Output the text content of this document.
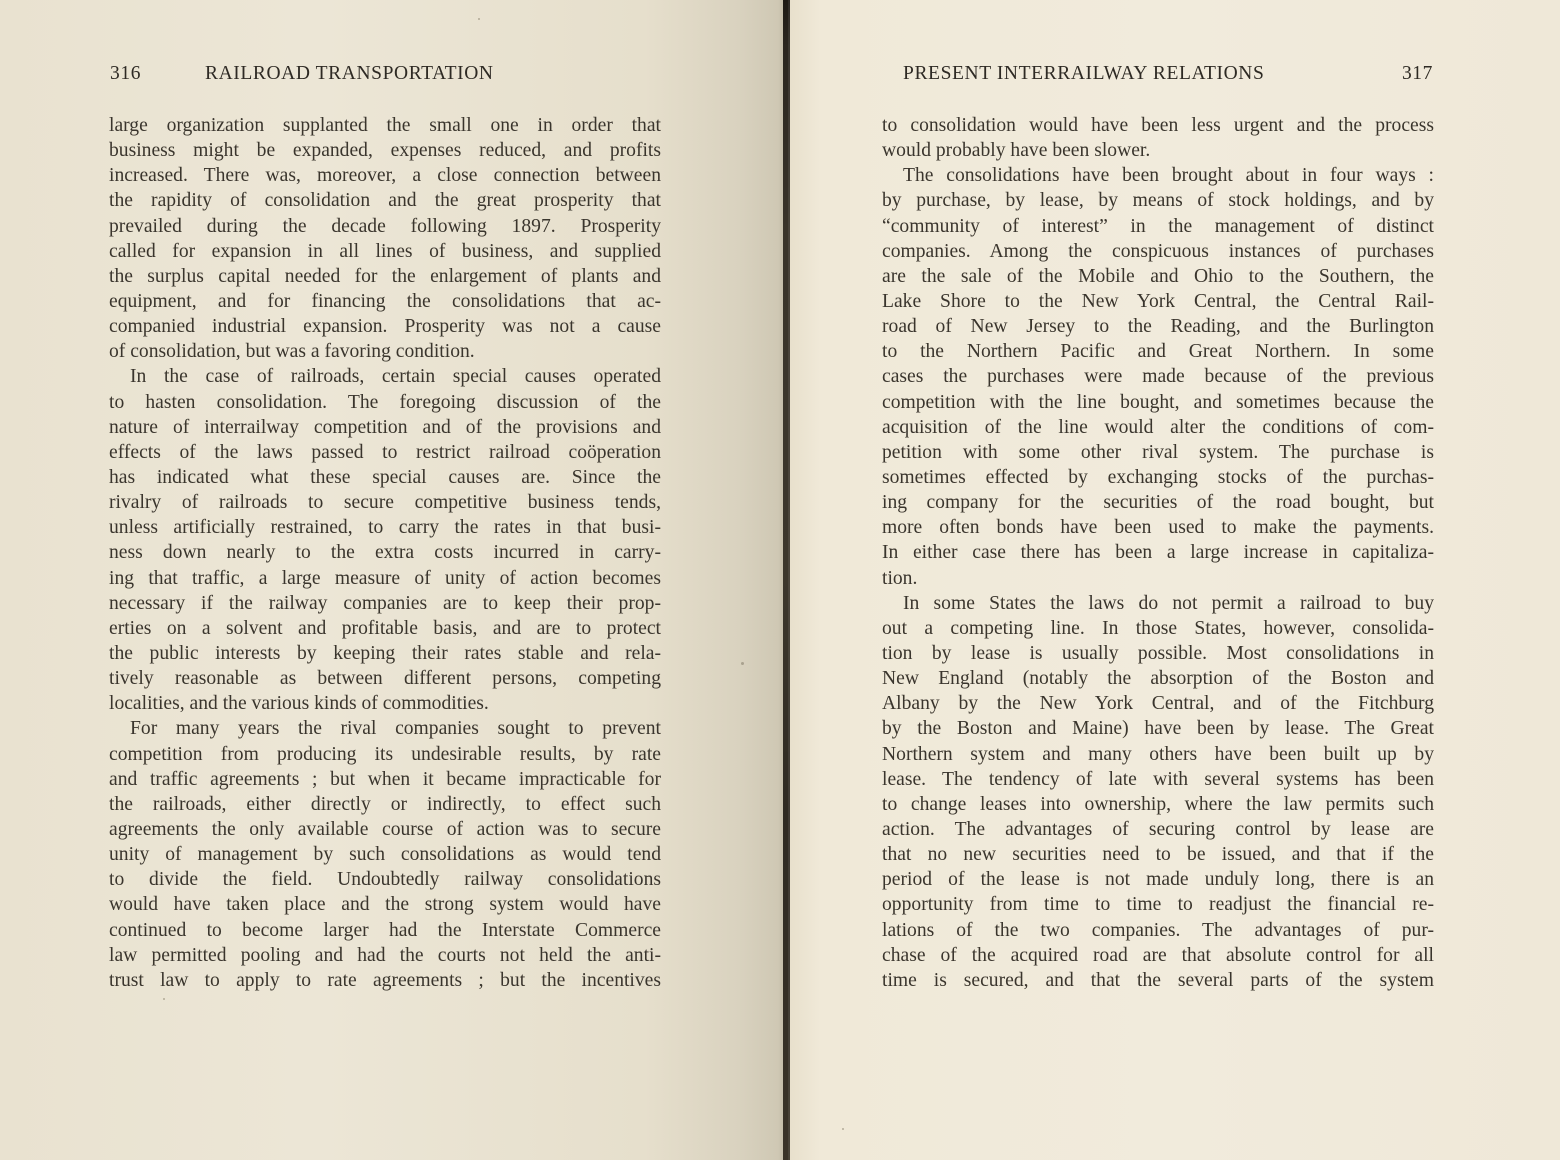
316	RAILROAD TRANSPORTATION	PRESENT INTERRAILWAY RELATIONS	317
large organization supplanted the small one in order that
business might be expanded, expenses reduced, and profits
increased. There was, moreover, a close connection between
the rapidity of consolidation and the great prosperity that
prevailed during the decade following 1897. Prosperity
called for expansion in all lines of business, and supplied
the surplus capital needed for the enlargement of plants and
equipment, and for financing the consolidations that ac-
companied industrial expansion. Prosperity was not a cause
of consolidation, but was a favoring condition.
In the case of railroads, certain special causes operated
to hasten consolidation. The foregoing discussion of the
nature of interrailway competition and of the provisions and
effects of the laws passed to restrict railroad coöperation
has indicated what these special causes are. Since the
rivalry of railroads to secure competitive business tends,
unless artificially restrained, to carry the rates in that busi-
ness down nearly to the extra costs incurred in carry-
ing that traffic, a large measure of unity of action becomes
necessary if the railway companies are to keep their prop-
erties on a solvent and profitable basis, and are to protect
the public interests by keeping their rates stable and rela-
tively reasonable as between different persons, competing
localities, and the various kinds of commodities.
For many years the rival companies sought to prevent
competition from producing its undesirable results, by rate
and traffic agreements ; but when it became impracticable for
the railroads, either directly or indirectly, to effect such
agreements the only available course of action was to secure
unity of management by such consolidations as would tend
to divide the field. Undoubtedly railway consolidations
would have taken place and the strong system would have
continued to become larger had the Interstate Commerce
law permitted pooling and had the courts not held the anti-
trust law to apply to rate agreements ; but the incentives
to consolidation would have been less urgent and the process
would probably have been slower.
The consolidations have been brought about in four ways :
by purchase, by lease, by means of stock holdings, and by
“community of interest” in the management of distinct
companies. Among the conspicuous instances of purchases
are the sale of the Mobile and Ohio to the Southern, the
Lake Shore to the New York Central, the Central Rail-
road of New Jersey to the Reading, and the Burlington
to the Northern Pacific and Great Northern. In some
cases the purchases were made because of the previous
competition with the line bought, and sometimes because the
acquisition of the line would alter the conditions of com-
petition with some other rival system. The purchase is
sometimes effected by exchanging stocks of the purchas-
ing company for the securities of the road bought, but
more often bonds have been used to make the payments.
In either case there has been a large increase in capitaliza-
tion.
In some States the laws do not permit a railroad to buy
out a competing line. In those States, however, consolida-
tion by lease is usually possible. Most consolidations in
New England (notably the absorption of the Boston and
Albany by the New York Central, and of the Fitchburg
by the Boston and Maine) have been by lease. The Great
Northern system and many others have been built up by
lease. The tendency of late with several systems has been
to change leases into ownership, where the law permits such
action. The advantages of securing control by lease are
that no new securities need to be issued, and that if the
period of the lease is not made unduly long, there is an
opportunity from time to time to readjust the financial re-
lations of the two companies. The advantages of pur-
chase of the acquired road are that absolute control for all
time is secured, and that the several parts of the system
